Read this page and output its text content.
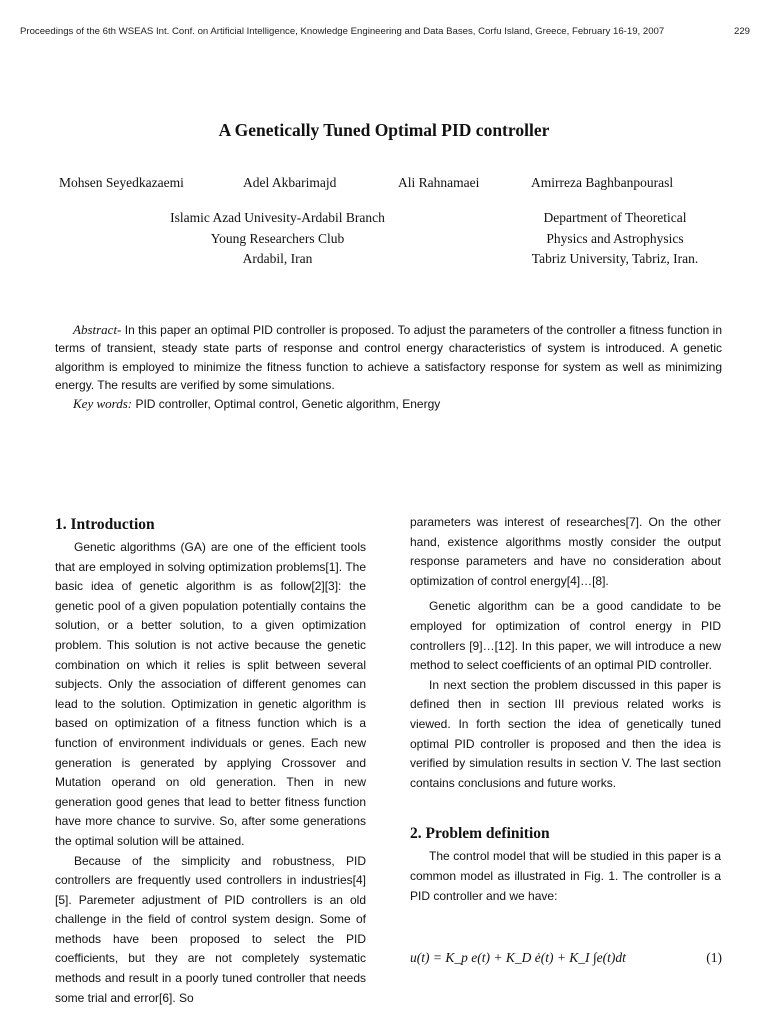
Proceedings of the 6th WSEAS Int. Conf. on Artificial Intelligence, Knowledge Engineering and Data Bases, Corfu Island, Greece, February 16-19, 2007	229
A Genetically Tuned Optimal PID controller
Mohsen Seyedkazaemi	Adel Akbarimajd	Ali Rahnamaei	Amirreza Baghbanpourasl
Islamic Azad Univesity-Ardabil Branch
Young Researchers Club
Ardabil, Iran
Department of Theoretical
Physics and Astrophysics
Tabriz University, Tabriz, Iran.

Abstract- In this paper an optimal PID controller is proposed. To adjust the parameters of the controller a fitness function in terms of transient, steady state parts of response and control energy characteristics of system is introduced. A genetic algorithm is employed to minimize the fitness function to achieve a satisfactory response for system as well as minimizing energy. The results are verified by some simulations.

Key words: PID controller, Optimal control, Genetic algorithm, Energy

1. Introduction

Genetic algorithms (GA) are one of the efficient tools that are employed in solving optimization problems[1]. The basic idea of genetic algorithm is as follow[2][3]: the genetic pool of a given population potentially contains the solution, or a better solution, to a given optimization problem. This solution is not active because the genetic combination on which it relies is split between several subjects. Only the association of different genomes can lead to the solution. Optimization in genetic algorithm is based on optimization of a fitness function which is a function of environment individuals or genes. Each new generation is generated by applying Crossover and Mutation operand on old generation. Then in new generation good genes that lead to better fitness function have more chance to survive. So, after some generations the optimal solution will be attained.

Because of the simplicity and robustness, PID controllers are frequently used controllers in industries[4][5]. Paremeter adjustment of PID controllers is an old challenge in the field of control system design. Some of methods have been proposed to select the PID coefficients, but they are not completely systematic methods and result in a poorly tuned controller that needs some trial and error[6]. So

parameters was interest of researches[7]. On the other hand, existence algorithms mostly consider the output response parameters and have no consideration about optimization of control energy[4]…[8].

Genetic algorithm can be a good candidate to be employed for optimization of control energy in PID controllers [9]…[12]. In this paper, we will introduce a new method to select coefficients of an optimal PID controller.

In next section the problem discussed in this paper is defined then in section III previous related works is viewed. In forth section the idea of genetically tuned optimal PID controller is proposed and then the idea is verified by simulation results in section V. The last section contains conclusions and future works.

2. Problem definition

The control model that will be studied in this paper is a common model as illustrated in Fig. 1. The controller is a PID controller and we have:

u(t) = K_p e(t) + K_D ė(t) + K_I ∫e(t)dt	(1)
